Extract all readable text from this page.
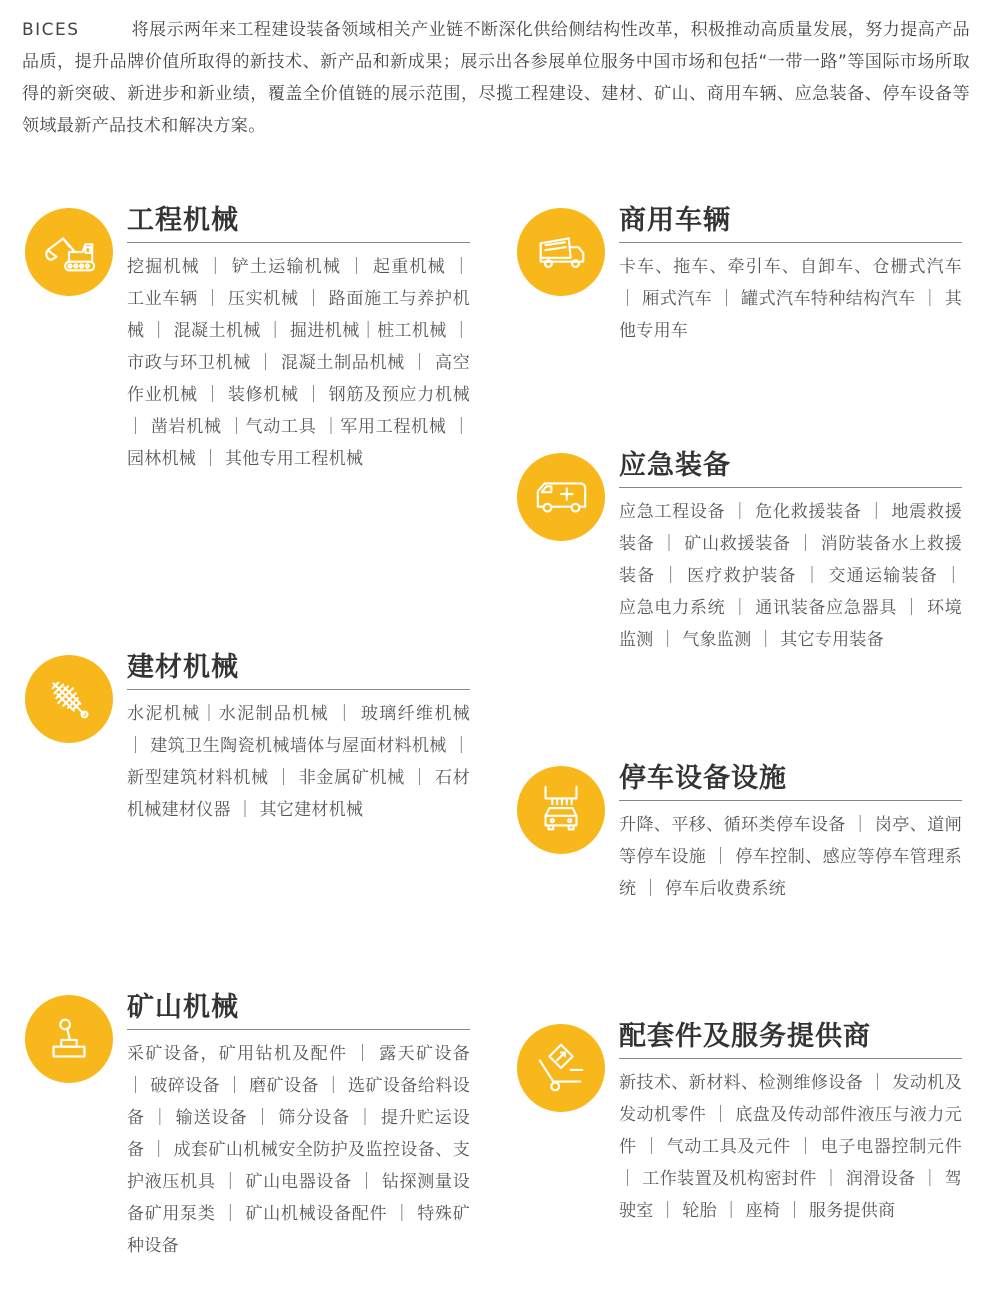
BICES	将展示两年来工程建设装备领域相关产业链不断深化供给侧结构性改革，积极推动高质量发展，努力提高产品品质，提升品牌价值所取得的新技术、新产品和新成果；展示出各参展单位服务中国市场和包括“一带一路”等国际市场所取得的新突破、新进步和新业绩，覆盖全价值链的展示范围，尽揽工程建设、建材、矿山、商用车辆、应急装备、停车设备等领域最新产品技术和解决方案。
工程机械
挖掘机械 ｜ 铲土运输机械 ｜ 起重机械 ｜ 工业车辆 ｜ 压实机械 ｜ 路面施工与养护机械 ｜ 混凝土机械 ｜ 掘进机械｜桩工机械 ｜ 市政与环卫机械 ｜ 混凝土制品机械 ｜ 高空作业机械 ｜ 装修机械 ｜ 钢筋及预应力机械 ｜ 凿岩机械 ｜气动工具 ｜军用工程机械 ｜ 园林机械 ｜ 其他专用工程机械
商用车辆
卡车、拖车、牵引车、自卸车、仓栅式汽车 ｜ 厢式汽车 ｜ 罐式汽车特种结构汽车 ｜ 其他专用车
应急装备
应急工程设备 ｜ 危化救援装备 ｜ 地震救援装备 ｜ 矿山救援装备 ｜ 消防装备水上救援装备 ｜ 医疗救护装备 ｜ 交通运输装备 ｜ 应急电力系统 ｜ 通讯装备应急器具 ｜ 环境监测 ｜ 气象监测 ｜ 其它专用装备
建材机械
水泥机械｜水泥制品机械 ｜ 玻璃纤维机械 ｜ 建筑卫生陶瓷机械墙体与屋面材料机械 ｜ 新型建筑材料机械 ｜ 非金属矿机械 ｜ 石材机械建材仪器 ｜ 其它建材机械
停车设备设施
升降、平移、循环类停车设备 ｜ 岗亭、道闸等停车设施 ｜ 停车控制、感应等停车管理系统 ｜ 停车后收费系统
矿山机械
采矿设备，矿用钻机及配件 ｜ 露天矿设备 ｜ 破碎设备 ｜ 磨矿设备 ｜ 选矿设备给料设备 ｜ 输送设备 ｜ 筛分设备 ｜ 提升贮运设备 ｜ 成套矿山机械安全防护及监控设备、支护液压机具 ｜ 矿山电器设备 ｜ 钻探测量设备矿用泵类 ｜ 矿山机械设备配件 ｜ 特殊矿种设备
配套件及服务提供商
新技术、新材料、检测维修设备 ｜ 发动机及发动机零件 ｜ 底盘及传动部件液压与液力元件 ｜ 气动工具及元件 ｜ 电子电器控制元件 ｜ 工作装置及机构密封件 ｜ 润滑设备 ｜ 驾驶室 ｜ 轮胎 ｜ 座椅 ｜ 服务提供商
